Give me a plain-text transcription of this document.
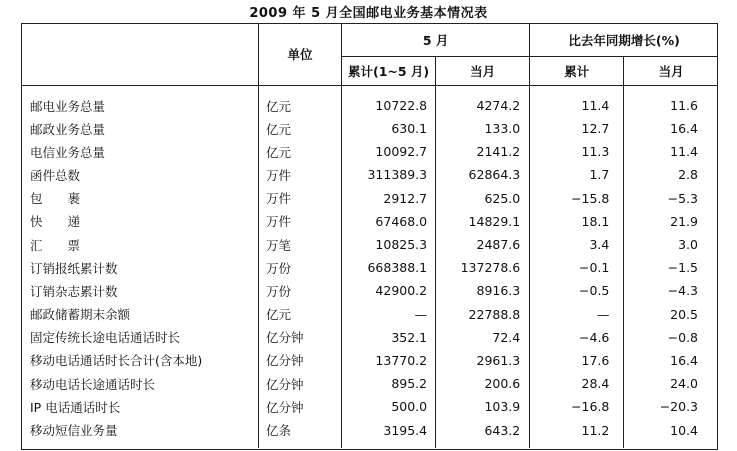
2009 年 5 月全国邮电业务基本情况表
	单位	5 月		比去年同期增长(%)	
		累计(1~5 月)	当月	累计	当月
邮电业务总量	亿元	10722.8	4274.2	11.4	11.6
邮政业务总量	亿元	630.1	133.0	12.7	16.4
电信业务总量	亿元	10092.7	2141.2	11.3	11.4
函件总数	万件	311389.3	62864.3	1.7	2.8
包　　裹	万件	2912.7	625.0	−15.8	−5.3
快　　递	万件	67468.0	14829.1	18.1	21.9
汇　　票	万笔	10825.3	2487.6	3.4	3.0
订销报纸累计数	万份	668388.1	137278.6	−0.1	−1.5
订销杂志累计数	万份	42900.2	8916.3	−0.5	−4.3
邮政储蓄期末余额	亿元	—	22788.8	—	20.5
固定传统长途电话通话时长	亿分钟	352.1	72.4	−4.6	−0.8
移动电话通话时长合计(含本地)	亿分钟	13770.2	2961.3	17.6	16.4
移动电话长途通话时长	亿分钟	895.2	200.6	28.4	24.0
IP 电话通话时长	亿分钟	500.0	103.9	−16.8	−20.3
移动短信业务量	亿条	3195.4	643.2	11.2	10.4
